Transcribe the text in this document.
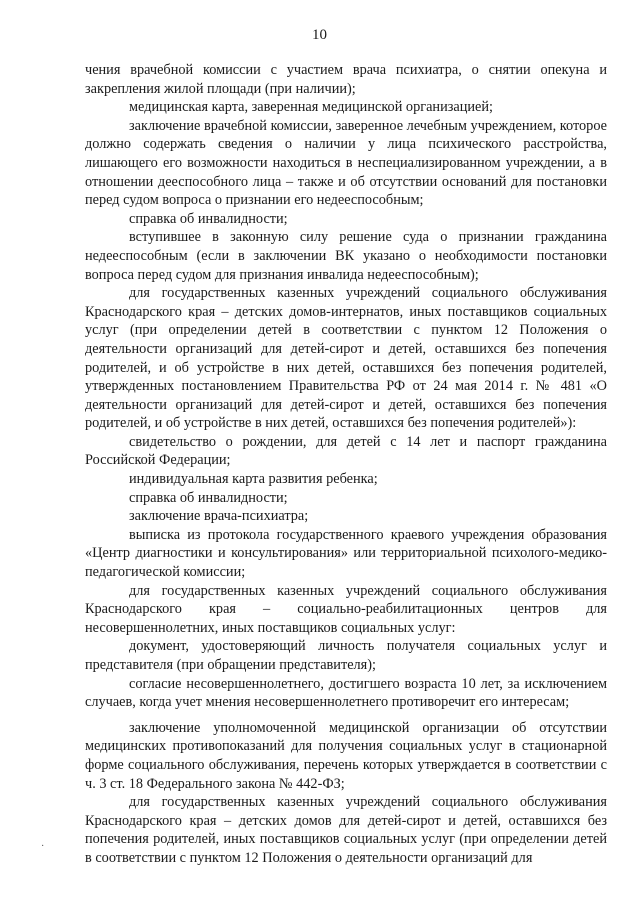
10

чения врачебной комиссии с участием врача психиатра, о снятии опекуна и закрепления жилой площади (при наличии);

медицинская карта, заверенная медицинской организацией;

заключение врачебной комиссии, заверенное лечебным учреждением, которое должно содержать сведения о наличии у лица психического расстройства, лишающего его возможности находиться в неспециализированном учреждении, а в отношении дееспособного лица – также и об отсутствии оснований для постановки перед судом вопроса о признании его недееспособным;

справка об инвалидности;

вступившее в законную силу решение суда о признании гражданина недееспособным (если в заключении ВК указано о необходимости постановки вопроса перед судом для признания инвалида недееспособным);

для государственных казенных учреждений социального обслуживания Краснодарского края – детских домов-интернатов, иных поставщиков социальных услуг (при определении детей в соответствии с пунктом 12 Положения о деятельности организаций для детей-сирот и детей, оставшихся без попечения родителей, и об устройстве в них детей, оставшихся без попечения родителей, утвержденных постановлением Правительства РФ от 24 мая 2014 г. № 481 «О деятельности организаций для детей-сирот и детей, оставшихся без попечения родителей, и об устройстве в них детей, оставшихся без попечения родителей»):

свидетельство о рождении, для детей с 14 лет и паспорт гражданина Российской Федерации;

индивидуальная карта развития ребенка;

справка об инвалидности;

заключение врача-психиатра;

выписка из протокола государственного краевого учреждения образования «Центр диагностики и консультирования» или территориальной психолого-медико-педагогической комиссии;

для государственных казенных учреждений социального обслуживания Краснодарского края – социально-реабилитационных центров для несовершеннолетних, иных поставщиков социальных услуг:

документ, удостоверяющий личность получателя социальных услуг и представителя (при обращении представителя);

согласие несовершеннолетнего, достигшего возраста 10 лет, за исключением случаев, когда учет мнения несовершеннолетнего противоречит его интересам;

заключение уполномоченной медицинской организации об отсутствии медицинских противопоказаний для получения социальных услуг в стационарной форме социального обслуживания, перечень которых утверждается в соответствии с ч. 3 ст. 18 Федерального закона № 442-ФЗ;

для государственных казенных учреждений социального обслуживания Краснодарского края – детских домов для детей-сирот и детей, оставшихся без попечения родителей, иных поставщиков социальных услуг (при определении детей в соответствии с пунктом 12 Положения о деятельности организаций для

·
